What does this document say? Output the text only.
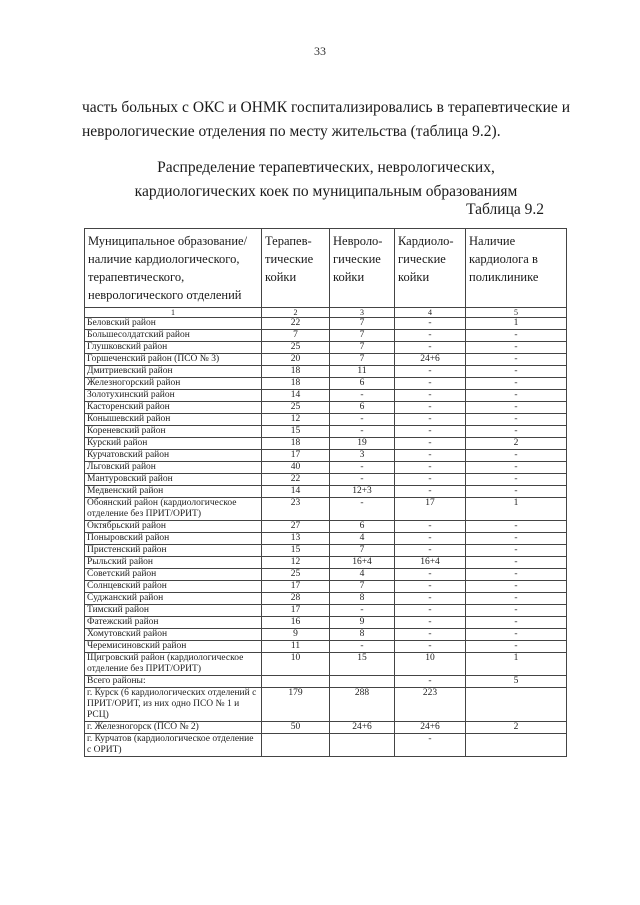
33
часть больных с ОКС и ОНМК госпитализировались в терапевтические и неврологические отделения по месту жительства (таблица 9.2).
Распределение терапевтических, неврологических,
кардиологических коек по муниципальным образованиям
Таблица 9.2
Муниципальное образование/наличие кардиологического, терапевтического, неврологического отделений	Терапев-тические койки	Невроло-гические койки	Кардиоло-гические койки	Наличие кардиолога в поликлинике
1	2	3	4	5
Беловский район	22	7	-	1
Большесолдатский район	7	7	-	-
Глушковский район	25	7	-	-
Горшеченский район (ПСО № 3)	20	7	24+6	-
Дмитриевский район	18	11	-	-
Железногорский район	18	6	-	-
Золотухинский район	14	-	-	-
Касторенский район	25	6	-	-
Конышевский район	12	-	-	-
Кореневский район	15	-	-	-
Курский район	18	19	-	2
Курчатовский район	17	3	-	-
Льговский район	40	-	-	-
Мантуровский район	22	-	-	-
Медвенский район	14	12+3	-	-
Обоянский район (кардиологическое отделение без ПРИТ/ОРИТ)	23	-	17	1
Октябрьский район	27	6	-	-
Поныровский район	13	4	-	-
Пристенский район	15	7	-	-
Рыльский район	12	16+4	16+4	-
Советский район	25	4	-	-
Солнцевский район	17	7	-	-
Суджанский район	28	8	-	-
Тимский район	17	-	-	-
Фатежский район	16	9	-	-
Хомутовский район	9	8	-	-
Черемисиновский район	11	-	-	-
Щигровский район (кардиологическое отделение без ПРИТ/ОРИТ)	10	15	10	1
Всего районы:			-	5
г. Курск (6 кардиологических отделений с ПРИТ/ОРИТ, из них одно ПСО № 1 и РСЦ)	179	288	223	
г. Железногорск (ПСО № 2)	50	24+6	24+6	2
г. Курчатов (кардиологическое отделение с ОРИТ)			-	
